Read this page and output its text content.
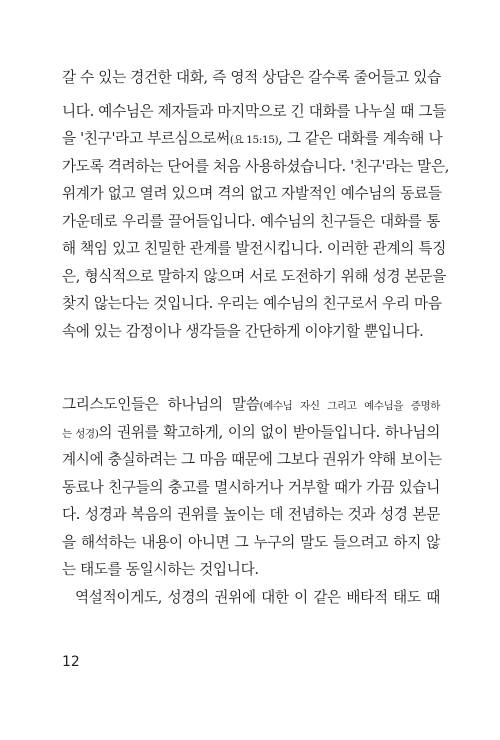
갈 수 있는 경건한 대화, 즉 영적 상담은 갈수록 줄어들고 있습
니다. 예수님은 제자들과 마지막으로 긴 대화를 나누실 때 그들
을 '친구'라고 부르심으로써(요 15:15), 그 같은 대화를 계속해 나
가도록 격려하는 단어를 처음 사용하셨습니다. '친구'라는 말은,
위계가 없고 열려 있으며 격의 없고 자발적인 예수님의 동료들
가운데로 우리를 끌어들입니다. 예수님의 친구들은 대화를 통
해 책임 있고 친밀한 관계를 발전시킵니다. 이러한 관계의 특징
은, 형식적으로 말하지 않으며 서로 도전하기 위해 성경 본문을
찾지 않는다는 것입니다. 우리는 예수님의 친구로서 우리 마음
속에 있는 감정이나 생각들을 간단하게 이야기할 뿐입니다.
그리스도인들은 하나님의 말씀(예수님 자신 그리고 예수님을 증명하
는 성경)의 권위를 확고하게, 이의 없이 받아들입니다. 하나님의
계시에 충실하려는 그 마음 때문에 그보다 권위가 약해 보이는
동료나 친구들의 충고를 멸시하거나 거부할 때가 가끔 있습니
다. 성경과 복음의 권위를 높이는 데 전념하는 것과 성경 본문
을 해석하는 내용이 아니면 그 누구의 말도 들으려고 하지 않
는 태도를 동일시하는 것입니다.
역설적이게도, 성경의 권위에 대한 이 같은 배타적 태도 때
12
